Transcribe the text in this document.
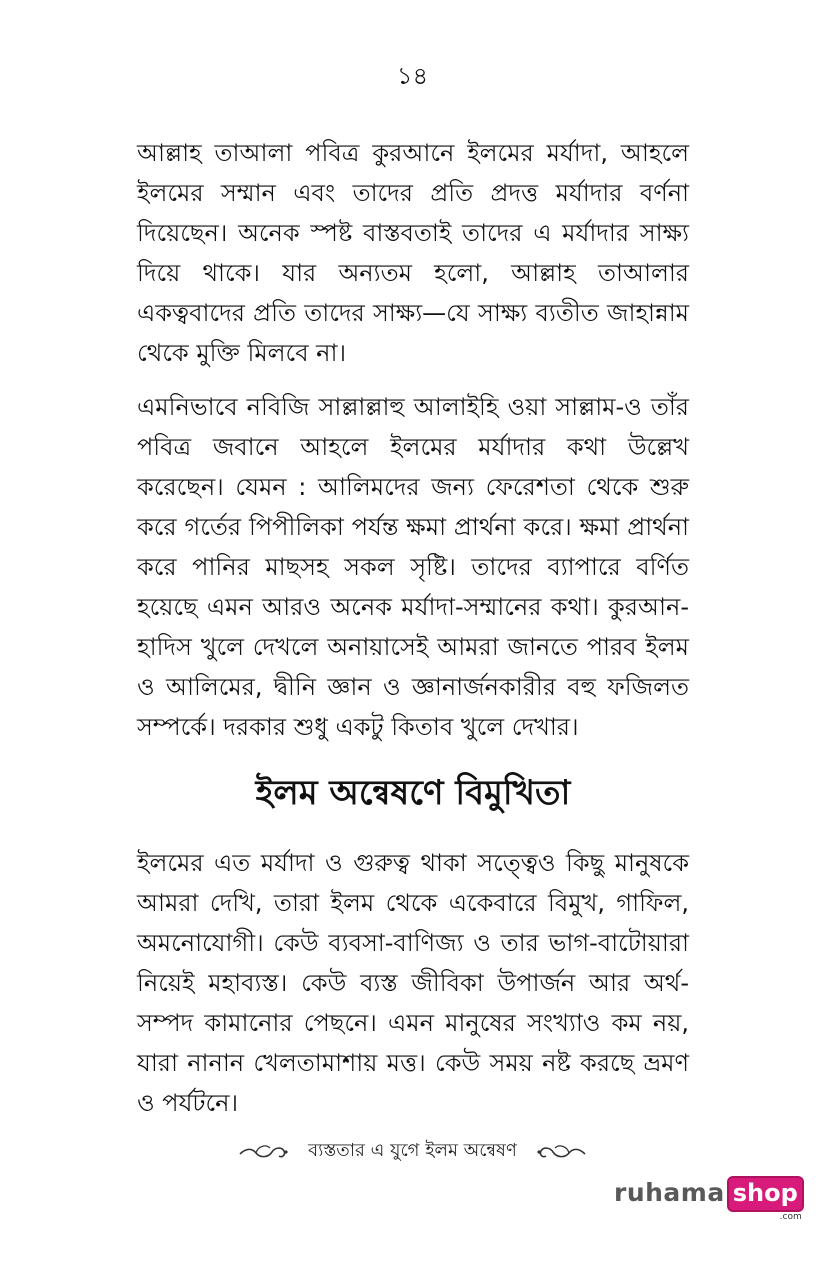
১৪

আল্লাহ তাআলা পবিত্র কুরআনে ইলমের মর্যাদা, আহলে ইলমের সম্মান এবং তাদের প্রতি প্রদত্ত মর্যাদার বর্ণনা দিয়েছেন। অনেক স্পষ্ট বাস্তবতাই তাদের এ মর্যাদার সাক্ষ্য দিয়ে থাকে। যার অন্যতম হলো, আল্লাহ তাআলার একত্ববাদের প্রতি তাদের সাক্ষ্য—যে সাক্ষ্য ব্যতীত জাহান্নাম থেকে মুক্তি মিলবে না।

এমনিভাবে নবিজি সাল্লাল্লাহু আলাইহি ওয়া সাল্লাম-ও তাঁর পবিত্র জবানে আহলে ইলমের মর্যাদার কথা উল্লেখ করেছেন। যেমন : আলিমদের জন্য ফেরেশতা থেকে শুরু করে গর্তের পিপীলিকা পর্যন্ত ক্ষমা প্রার্থনা করে। ক্ষমা প্রার্থনা করে পানির মাছসহ সকল সৃষ্টি। তাদের ব্যাপারে বর্ণিত হয়েছে এমন আরও অনেক মর্যাদা-সম্মানের কথা। কুরআন-হাদিস খুলে দেখলে অনায়াসেই আমরা জানতে পারব ইলম ও আলিমের, দ্বীনি জ্ঞান ও জ্ঞানার্জনকারীর বহু ফজিলত সম্পর্কে। দরকার শুধু একটু কিতাব খুলে দেখার।

ইলম অন্বেষণে বিমুখিতা

ইলমের এত মর্যাদা ও গুরুত্ব থাকা সত্ত্বেও কিছু মানুষকে আমরা দেখি, তারা ইলম থেকে একেবারে বিমুখ, গাফিল, অমনোযোগী। কেউ ব্যবসা-বাণিজ্য ও তার ভাগ-বাটোয়ারা নিয়েই মহাব্যস্ত। কেউ ব্যস্ত জীবিকা উপার্জন আর অর্থ-সম্পদ কামানোর পেছনে। এমন মানুষের সংখ্যাও কম নয়, যারা নানান খেলতামাশায় মত্ত। কেউ সময় নষ্ট করছে ভ্রমণ ও পর্যটনে।

ব্যস্ততার এ যুগে ইলম অন্বেষণ
ruhama shop
.com
